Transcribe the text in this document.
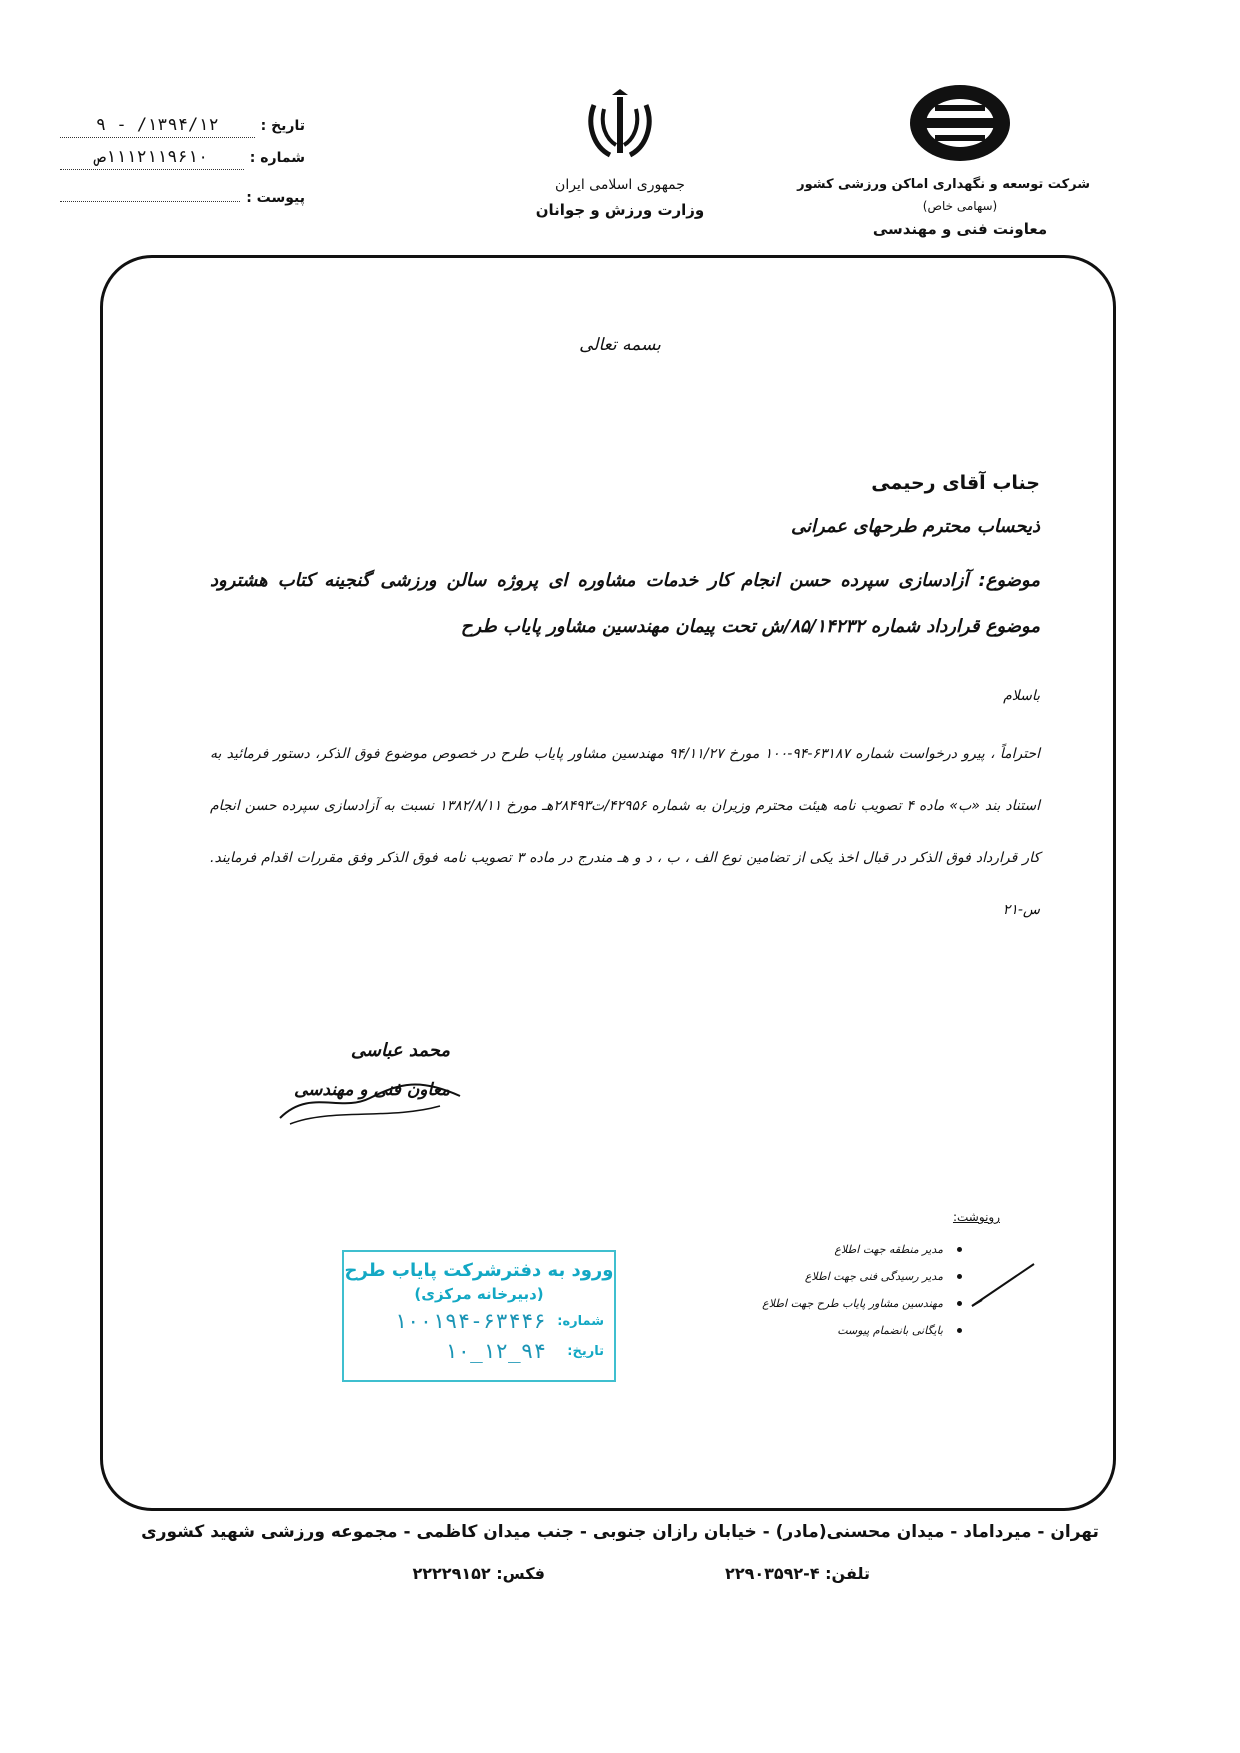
شرکت توسعه و نگهداری اماکن ورزشی کشور
(سهامی خاص)
معاونت فنی و مهندسی
جمهوری اسلامی ایران
وزارت ورزش و جوانان
تاریخ :
۱۳۹۴/۱۲/ - ۹
شماره :
۱۱۱۲۱۱۹۶۱۰ص
پیوست :
بسمه تعالی
جناب آقای رحیمی
ذیحساب محترم طرحهای عمرانی
موضوع: آزادسازی سپرده حسن انجام کار خدمات مشاوره ای پروژه سالن ورزشی گنجینه کتاب هشترود موضوع قرارداد شماره ۸۵/۱۴۲۳۲/ش تحت پیمان مهندسین مشاور پایاب طرح
باسلام
احتراماً ، پیرو درخواست شماره ۶۳۱۸۷-۹۴-۱۰۰ مورخ ۹۴/۱۱/۲۷ مهندسین مشاور پایاب طرح در خصوص موضوع فوق الذکر، دستور فرمائید به استناد بند «ب» ماده ۴ تصویب نامه هیئت محترم وزیران به شماره ۴۲۹۵۶/ت۲۸۴۹۳هـ مورخ ۱۳۸۲/۸/۱۱ نسبت به آزادسازی سپرده حسن انجام کار قرارداد فوق الذکر در قبال اخذ یکی از تضامین نوع الف ، ب ، د و هـ مندرج در ماده ۳ تصویب نامه فوق الذکر وفق مقررات اقدام فرمایند. س-۲۱
محمد عباسی
معاون فنی و مهندسی
رونوشت:
مدیر منطقه جهت اطلاع
مدیر رسیدگی فنی جهت اطلاع
مهندسین مشاور پایاب طرح جهت اطلاع
بایگانی بانضمام پیوست
ورود به دفترشرکت پایاب طرح
(دبیرخانه مرکزی)
شماره:
۱۰۰۱۹۴-۶۳۴۴۶
تاریخ:
۹۴_۱۲_۱۰
تهران - میرداماد - میدان محسنی(مادر) - خیابان رازان جنوبی - جنب میدان کاظمی - مجموعه ورزشی شهید کشوری
تلفن: ۴-۲۲۹۰۳۵۹۲
فکس: ۲۲۲۲۹۱۵۲
